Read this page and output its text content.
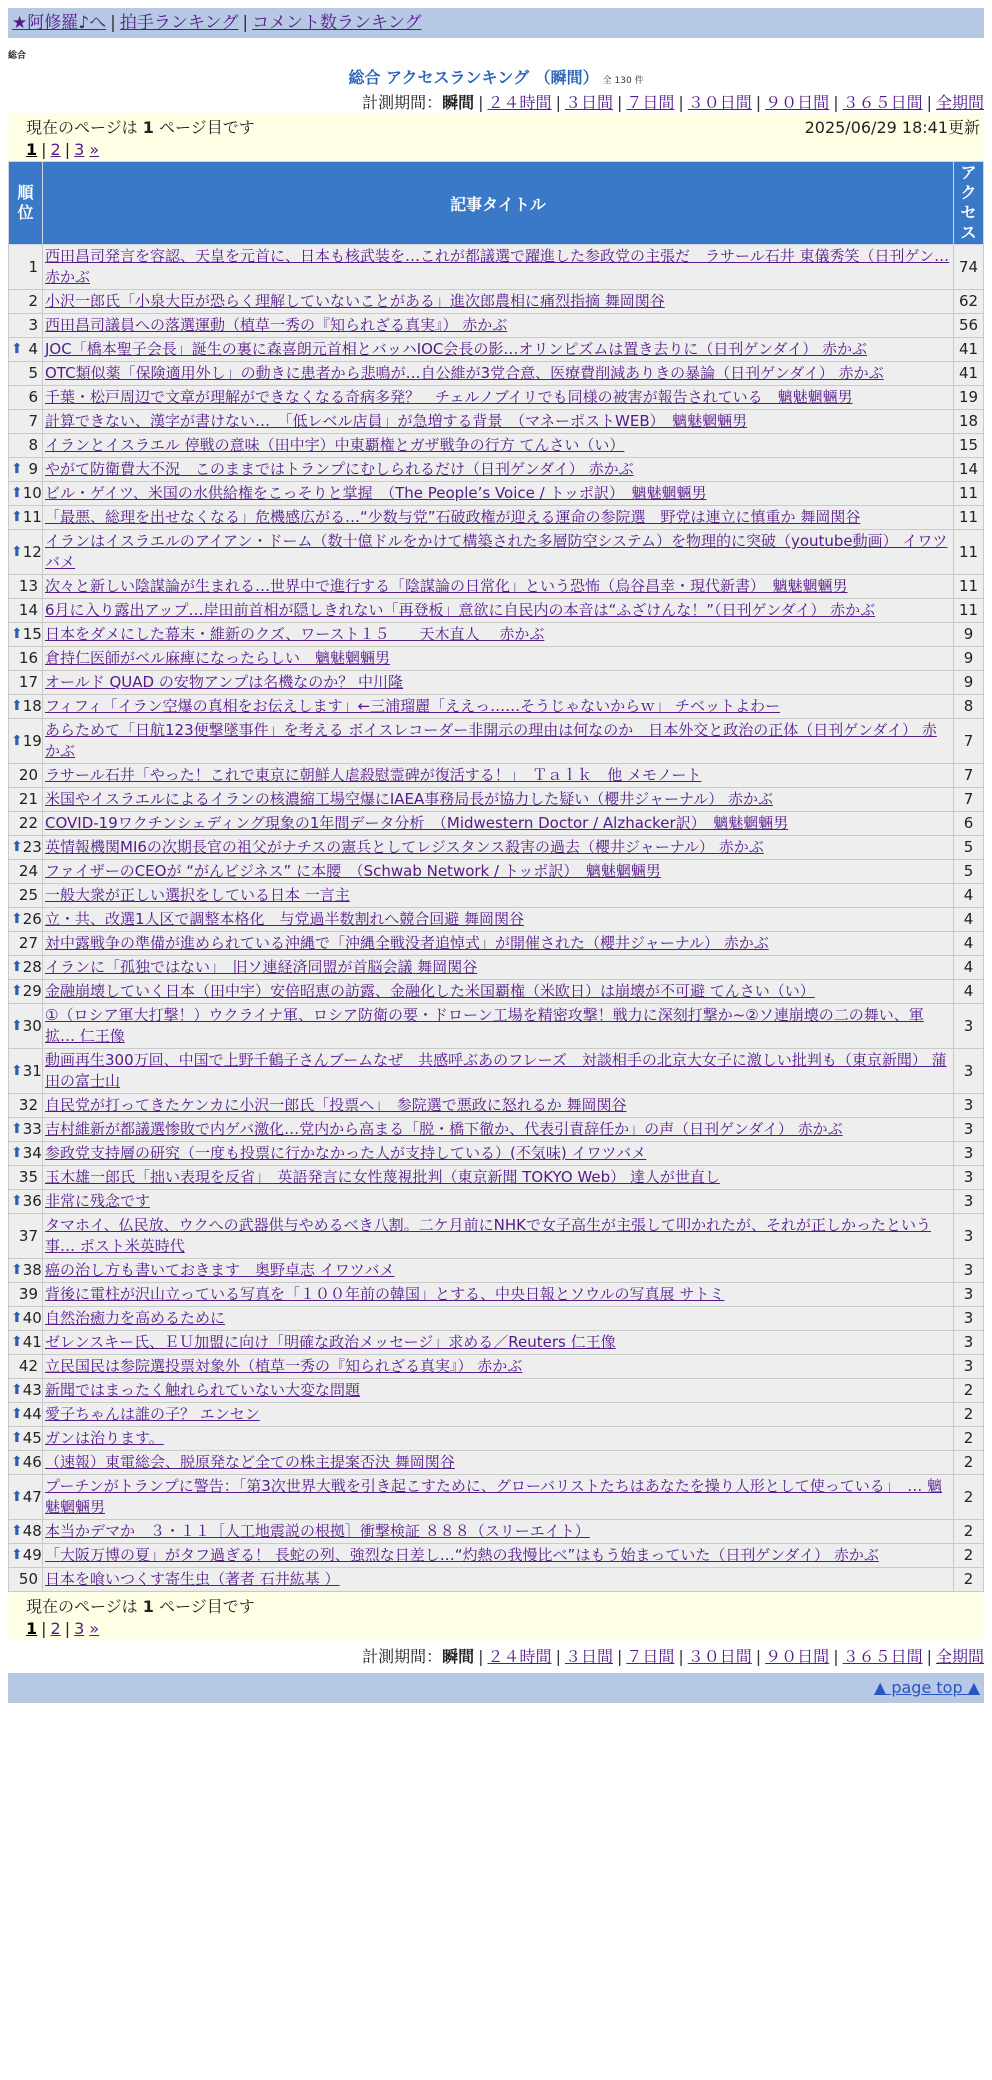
★阿修羅♪へ | 拍手ランキング | コメント数ランキング
総合
総合 アクセスランキング （瞬間） 全 130 件
計測期間：瞬間 | ２４時間 | ３日間 | ７日間 | ３０日間 | ９０日間 | ３６５日間 | 全期間
現在のページは 1 ページ目です	2025/06/29 18:41更新
1 | 2 | 3 »
順位	記事タイトル	アクセス
1	西田昌司発言を容認、天皇を元首に、日本も核武装を…これが都議選で躍進した参政党の主張だ　ラサール石井 東儀秀笑（日刊ゲン… 赤かぶ	74
2	小沢一郎氏「小泉大臣が恐らく理解していないことがある」進次郎農相に痛烈指摘 舞岡関谷	62
3	西田昌司議員への落選運動（植草一秀の『知られざる真実』） 赤かぶ	56

⬆ 4	JOC「橋本聖子会長」誕生の裏に森喜朗元首相とバッハIOC会長の影…オリンピズムは置き去りに（日刊ゲンダイ） 赤かぶ	41
5	OTC類似薬「保険適用外し」の動きに患者から悲鳴が…自公維が3党合意、医療費削減ありきの暴論（日刊ゲンダイ） 赤かぶ	41
6	千葉・松戸周辺で文章が理解ができなくなる奇病多発？　チェルノブイリでも同様の被害が報告されている　魑魅魍魎男	19
7	計算できない、漢字が書けない…　「低レベル店員」が急増する背景　（マネーポストWEB）　魑魅魍魎男	18
8	イランとイスラエル 停戦の意味（田中宇）中東覇権とガザ戦争の行方 てんさい（い）	15

⬆ 9	やがて防衛費大不況　このままではトランプにむしられるだけ（日刊ゲンダイ） 赤かぶ	14

⬆ 10	ビル・ゲイツ、米国の水供給権をこっそりと掌握　（The People’s Voice / トッポ訳）　魑魅魍魎男	11

⬆ 11	「最悪、総理を出せなくなる」危機感広がる…“少数与党”石破政権が迎える運命の参院選　野党は連立に慎重か 舞岡関谷	11

⬆ 12	イランはイスラエルのアイアン・ドーム（数十億ドルをかけて構築された多層防空システム）を物理的に突破（youtube動画） イワツバメ	11
13	次々と新しい陰謀論が生まれる…世界中で進行する「陰謀論の日常化」という恐怖（烏谷昌幸・現代新書）　魑魅魍魎男	11
14	6月に入り露出アップ…岸田前首相が隠しきれない「再登板」意欲に自民内の本音は“ふざけんな！”（日刊ゲンダイ） 赤かぶ	11

⬆ 15	日本をダメにした幕末・維新のクズ、ワースト１５　　天木直人　 赤かぶ	9
16	倉持仁医師がベル麻痺になったらしい　魑魅魍魎男	9
17	オールド QUAD の安物アンプは名機なのか？ 中川隆	9

⬆ 18	フィフィ「イラン空爆の真相をお伝えします」←三浦瑠麗「ええっ……そうじゃないからｗ」 チベットよわー	8

⬆ 19	あらためて「日航123便撃墜事件」を考える ボイスレコーダー非開示の理由は何なのか　日本外交と政治の正体（日刊ゲンダイ） 赤かぶ	7
20	ラサール石井「やった！これで東京に朝鮮人虐殺慰霊碑が復活する！」　Ｔａｌｋ　他 メモノート	7
21	米国やイスラエルによるイランの核濃縮工場空爆にIAEA事務局長が協力した疑い（櫻井ジャーナル） 赤かぶ	7
22	COVID-19ワクチンシェディング現象の1年間データ分析　（Midwestern Doctor / Alzhacker訳）　魑魅魍魎男	6

⬆ 23	英情報機関MI6の次期長官の祖父がナチスの憲兵としてレジスタンス殺害の過去（櫻井ジャーナル） 赤かぶ	5
24	ファイザーのCEOが “がんビジネス” に本腰　（Schwab Network / トッポ訳）　魑魅魍魎男	5
25	一般大衆が正しい選択をしている日本 一言主	4

⬆ 26	立・共、改選1人区で調整本格化　与党過半数割れへ競合回避 舞岡関谷	4
27	対中露戦争の準備が進められている沖縄で「沖縄全戦没者追悼式」が開催された（櫻井ジャーナル） 赤かぶ	4

⬆ 28	イランに「孤独ではない」　旧ソ連経済同盟が首脳会議 舞岡関谷	4

⬆ 29	金融崩壊していく日本（田中宇）安倍昭恵の訪露、金融化した米国覇権（米欧日）は崩壊が不可避 てんさい（い）	4

⬆ 30	①（ロシア軍大打撃！）ウクライナ軍、ロシア防衛の要・ドローン工場を精密攻撃！戦力に深刻打撃か~②ソ連崩壊の二の舞い、軍拡… 仁王像	3

⬆ 31	動画再生300万回、中国で上野千鶴子さんブームなぜ　共感呼ぶあのフレーズ　対談相手の北京大女子に激しい批判も（東京新聞） 蒲田の富士山	3
32	自民党が打ってきたケンカに小沢一郎氏「投票へ」　参院選で悪政に怒れるか 舞岡関谷	3

⬆ 33	吉村維新が都議選惨敗で内ゲバ激化…党内から高まる「脱・橋下徹か、代表引責辞任か」の声（日刊ゲンダイ） 赤かぶ	3

⬆ 34	参政党支持層の研究（一度も投票に行かなかった人が支持している）(不気味) イワツバメ	3
35	玉木雄一郎氏「拙い表現を反省」　英語発言に女性蔑視批判（東京新聞 TOKYO Web） 達人が世直し	3

⬆ 36	非常に残念です	3
37	タマホイ、仏民放、ウクへの武器供与やめるべき八割。二ケ月前にNHKで女子高生が主張して叩かれたが、それが正しかったという事… ポスト米英時代	3

⬆ 38	癌の治し方も書いておきます　奥野卓志 イワツバメ	3
39	背後に電柱が沢山立っている写真を「１００年前の韓国」とする、中央日報とソウルの写真展 サトミ	3

⬆ 40	自然治癒力を高めるために	3

⬆ 41	ゼレンスキー氏、ＥＵ加盟に向け「明確な政治メッセージ」求める／Reuters 仁王像	3
42	立民国民は参院選投票対象外（植草一秀の『知られざる真実』） 赤かぶ	3

⬆ 43	新聞ではまったく触れられていない大変な問題	2

⬆ 44	愛子ちゃんは誰の子？ エンセン	2

⬆ 45	ガンは治ります。	2

⬆ 46	（速報）東電総会、脱原発など全ての株主提案否決 舞岡関谷	2

⬆ 47	プーチンがトランプに警告：「第3次世界大戦を引き起こすために、グローバリストたちはあなたを操り人形として使っている」　… 魑魅魍魎男	2

⬆ 48	本当かデマか　３・１１［人工地震説の根拠］衝撃検証 ８８８（スリーエイト）	2

⬆ 49	「大阪万博の夏」がタフ過ぎる！ 長蛇の列、強烈な日差し…“灼熱の我慢比べ”はもう始まっていた（日刊ゲンダイ） 赤かぶ	2
50	日本を喰いつくす寄生虫（著者 石井紘基 ）	2
現在のページは 1 ページ目です
1 | 2 | 3 »
計測期間：瞬間 | ２４時間 | ３日間 | ７日間 | ３０日間 | ９０日間 | ３６５日間 | 全期間
▲ page top ▲
